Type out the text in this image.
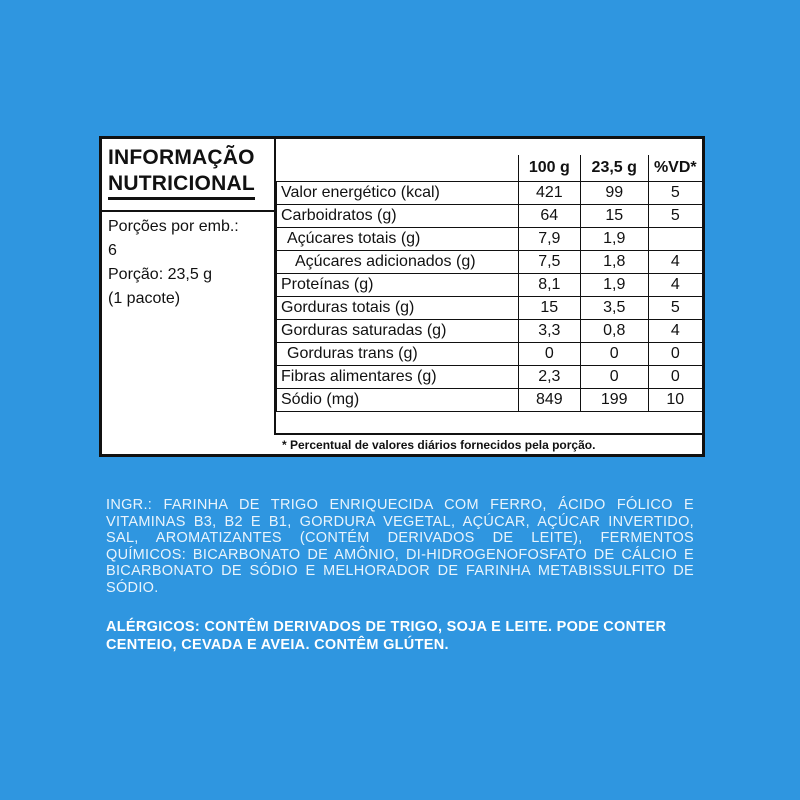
INFORMAÇÃO
NUTRICIONAL
Porções por emb.:
6
Porção: 23,5 g
(1 pacote)
	100 g	23,5 g	%VD*
Valor energético (kcal)	421	99	5
Carboidratos (g)	64	15	5
Açúcares totais (g)	7,9	1,9	
Açúcares adicionados (g)	7,5	1,8	4
Proteínas (g)	8,1	1,9	4
Gorduras totais (g)	15	3,5	5
Gorduras saturadas (g)	3,3	0,8	4
Gorduras trans (g)	0	0	0
Fibras alimentares (g)	2,3	0	0
Sódio (mg)	849	199	10
* Percentual de valores diários fornecidos pela porção.
INGR.: FARINHA DE TRIGO ENRIQUECIDA COM FERRO, ÁCIDO FÓLICO E VITAMINAS B3, B2 E B1, GORDURA VEGETAL, AÇÚCAR, AÇÚCAR INVERTIDO, SAL, AROMATIZANTES (CONTÉM DERIVADOS DE LEITE), FERMENTOS QUÍMICOS: BICARBONATO DE AMÔNIO, DI-HIDROGENOFOSFATO DE CÁLCIO E BICARBONATO DE SÓDIO E MELHORADOR DE FARINHA METABISSULFITO DE SÓDIO.
ALÉRGICOS: CONTÊM DERIVADOS DE TRIGO, SOJA E LEITE. PODE CONTER CENTEIO, CEVADA E AVEIA. CONTÊM GLÚTEN.
